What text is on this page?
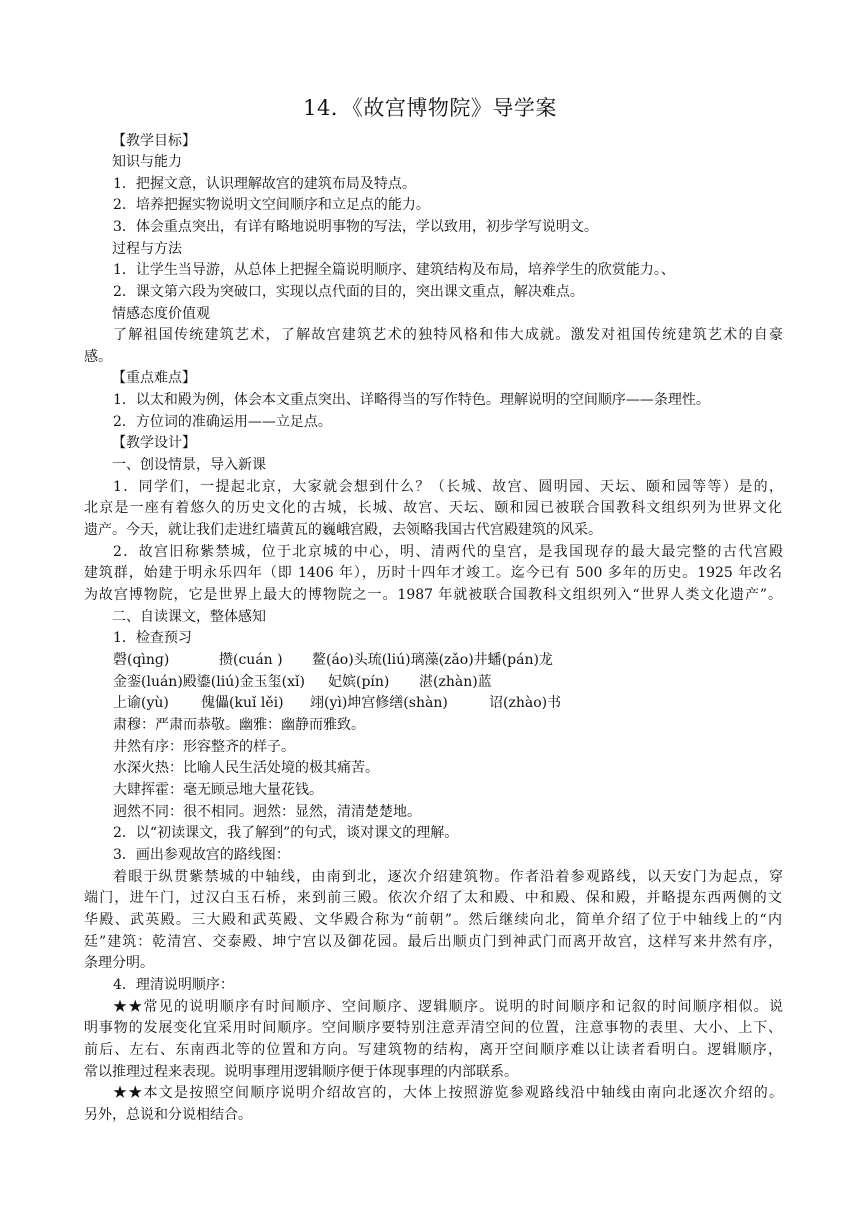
14．《故宫博物院》导学案
【教学目标】
知识与能力
1．把握文意，认识理解故宫的建筑布局及特点。
2．培养把握实物说明文空间顺序和立足点的能力。
3．体会重点突出，有详有略地说明事物的写法，学以致用，初步学写说明文。
过程与方法
1．让学生当导游，从总体上把握全篇说明顺序、建筑结构及布局，培养学生的欣赏能力。、
2．课文第六段为突破口，实现以点代面的目的，突出课文重点，解决难点。
情感态度价值观
了解祖国传统建筑艺术，了解故宫建筑艺术的独特风格和伟大成就。激发对祖国传统建筑艺术的自豪
感。
【重点难点】
1．以太和殿为例，体会本文重点突出、详略得当的写作特色。理解说明的空间顺序——条理性。
2．方位词的准确运用——立足点。
【教学设计】
一、创设情景，导入新课
1．同学们，一提起北京，大家就会想到什么？（长城、故宫、圆明园、天坛、颐和园等等）是的，
北京是一座有着悠久的历史文化的古城，长城、故宫、天坛、颐和园已被联合国教科文组织列为世界文化
遗产。今天，就让我们走进红墙黄瓦的巍峨宫殿，去领略我国古代宫殿建筑的风采。
2．故宫旧称紫禁城，位于北京城的中心，明、清两代的皇宫，是我国现存的最大最完整的古代宫殿
建筑群，始建于明永乐四年（即 1406 年），历时十四年才竣工。迄今已有 500 多年的历史。1925 年改名
为故宫博物院，它是世界上最大的博物院之一。1987 年就被联合国教科文组织列入“世界人类文化遗产”。
二、自读课文，整体感知
1．检查预习
磬(qìnɡ)	攒(cuán ) 鳌(áo)头琉(liú)璃藻(zǎo)井蟠(pán)龙
金銮(luán)殿鎏(liú)金玉玺(xǐ) 妃嫔(pín) 湛(zhàn)蓝
上谕(yù) 傀儡(kuǐ lěi) 翊(yì)坤宫修缮(shàn)	诏(zhào)书
肃穆：严肃而恭敬。幽雅：幽静而雅致。
井然有序：形容整齐的样子。
水深火热：比喻人民生活处境的极其痛苦。
大肆挥霍：毫无顾忌地大量花钱。
迥然不同：很不相同。迥然：显然，清清楚楚地。
2．以“初读课文，我了解到”的句式，谈对课文的理解。
3．画出参观故宫的路线图：
着眼于纵贯紫禁城的中轴线，由南到北，逐次介绍建筑物。作者沿着参观路线，以天安门为起点，穿
端门，进午门，过汉白玉石桥，来到前三殿。依次介绍了太和殿、中和殿、保和殿，并略提东西两侧的文
华殿、武英殿。三大殿和武英殿、文华殿合称为“前朝”。然后继续向北，简单介绍了位于中轴线上的“内
廷”建筑：乾清宫、交泰殿、坤宁宫以及御花园。最后出顺贞门到神武门而离开故宫，这样写来井然有序，
条理分明。
4．理清说明顺序：
★★常见的说明顺序有时间顺序、空间顺序、逻辑顺序。说明的时间顺序和记叙的时间顺序相似。说
明事物的发展变化宜采用时间顺序。空间顺序要特别注意弄清空间的位置，注意事物的表里、大小、上下、
前后、左右、东南西北等的位置和方向。写建筑物的结构，离开空间顺序难以让读者看明白。逻辑顺序，
常以推理过程来表现。说明事理用逻辑顺序便于体现事理的内部联系。
★★本文是按照空间顺序说明介绍故宫的，大体上按照游览参观路线沿中轴线由南向北逐次介绍的。
另外，总说和分说相结合。
